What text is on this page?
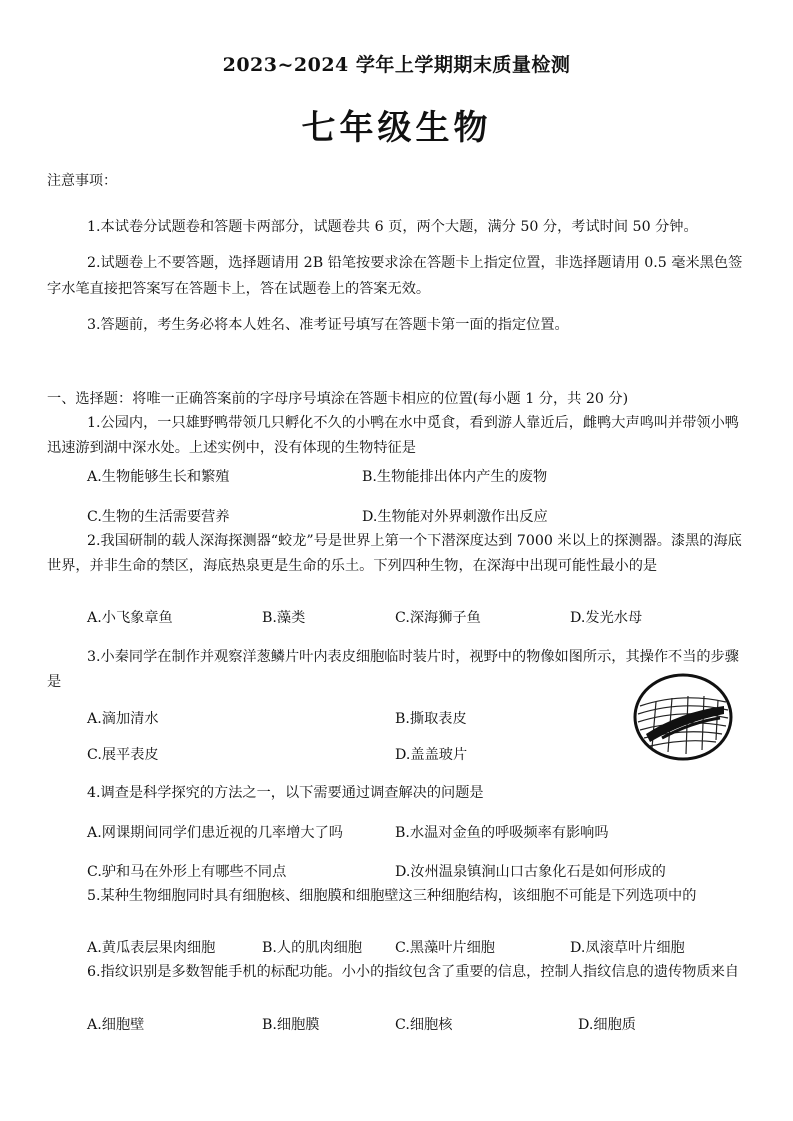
2023~2024 学年上学期期末质量检测
七年级生物
注意事项：
1.本试卷分试题卷和答题卡两部分，试题卷共 6 页，两个大题，满分 50 分，考试时间 50 分钟。
2.试题卷上不要答题，选择题请用 2B 铅笔按要求涂在答题卡上指定位置，非选择题请用 0.5 毫米黑色签字水笔直接把答案写在答题卡上，答在试题卷上的答案无效。
3.答题前，考生务必将本人姓名、准考证号填写在答题卡第一面的指定位置。
一、选择题：将唯一正确答案前的字母序号填涂在答题卡相应的位置(每小题 1 分，共 20 分)
1.公园内，一只雄野鸭带领几只孵化不久的小鸭在水中觅食，看到游人靠近后，雌鸭大声鸣叫并带领小鸭迅速游到湖中深水处。上述实例中，没有体现的生物特征是
A.生物能够生长和繁殖	B.生物能排出体内产生的废物
C.生物的生活需要营养	D.生物能对外界刺激作出反应
2.我国研制的载人深海探测器“蛟龙”号是世界上第一个下潜深度达到 7000 米以上的探测器。漆黑的海底世界，并非生命的禁区，海底热泉更是生命的乐土。下列四种生物，在深海中出现可能性最小的是
A.小飞象章鱼	B.藻类	C.深海狮子鱼	D.发光水母
3.小秦同学在制作并观察洋葱鳞片叶内表皮细胞临时装片时，视野中的物像如图所示，其操作不当的步骤是
A.滴加清水	B.撕取表皮
C.展平表皮	D.盖盖玻片
4.调查是科学探究的方法之一，以下需要通过调查解决的问题是
A.网课期间同学们患近视的几率增大了吗	B.水温对金鱼的呼吸频率有影响吗
C.驴和马在外形上有哪些不同点	D.汝州温泉镇涧山口古象化石是如何形成的
5.某种生物细胞同时具有细胞核、细胞膜和细胞壁这三种细胞结构，该细胞不可能是下列选项中的
A.黄瓜表层果肉细胞	B.人的肌肉细胞 C.黑藻叶片细胞	D.凤滚草叶片细胞
6.指纹识别是多数智能手机的标配功能。小小的指纹包含了重要的信息，控制人指纹信息的遗传物质来自
A.细胞壁	B.细胞膜	C.细胞核	D.细胞质
